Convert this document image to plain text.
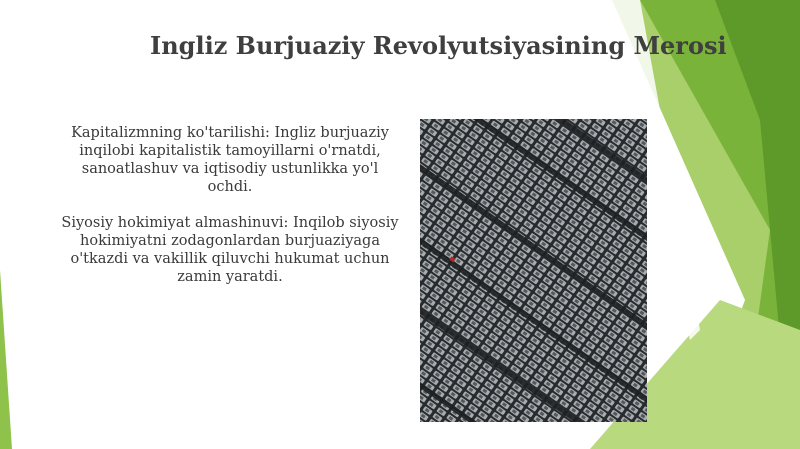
Ingliz Burjuaziy Revolyutsiyasining Merosi

Kapitalizmning ko'tarilishi: Ingliz burjuaziy inqilobi kapitalistik tamoyillarni o'rnatdi, sanoatlashuv va iqtisodiy ustunlikka yo'l ochdi.

Siyosiy hokimiyat almashinuvi: Inqilob siyosiy hokimiyatni zodagonlardan burjuaziyaga o'tkazdi va vakillik qiluvchi hukumat uchun zamin yaratdi.
